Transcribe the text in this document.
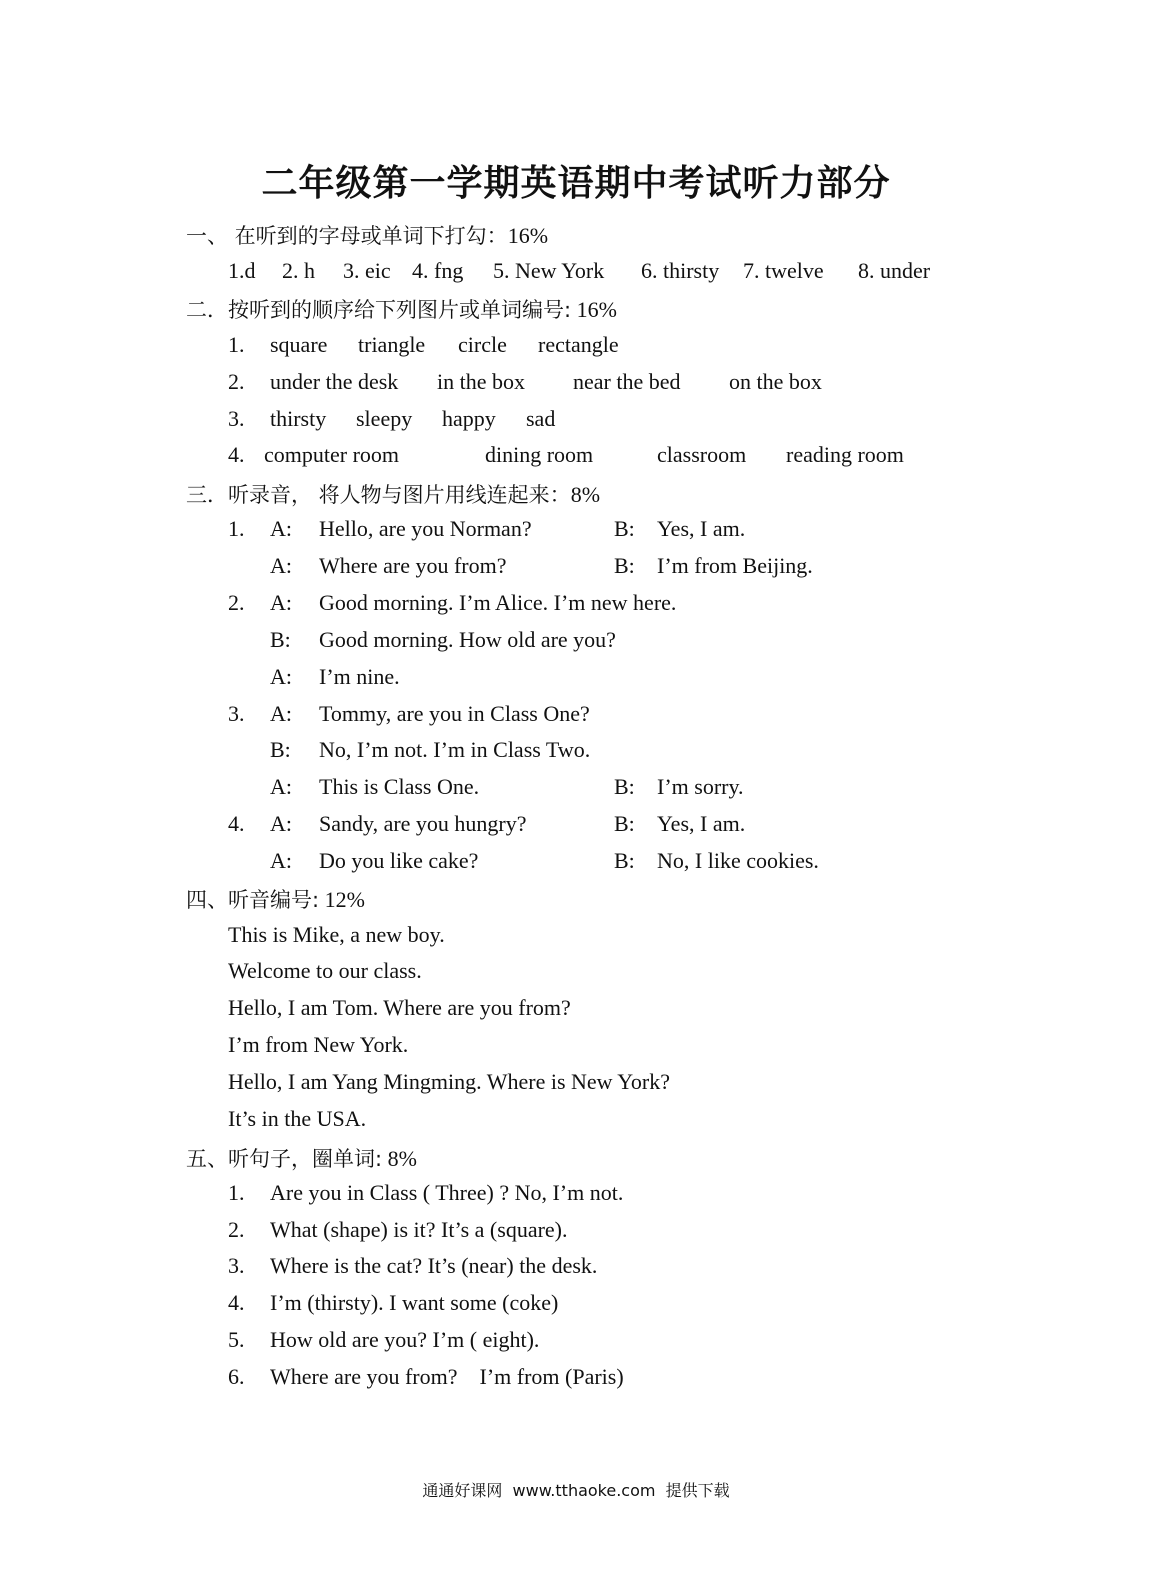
二年级第一学期英语期中考试听力部分
一、 在听到的字母或单词下打勾：16%
1.d 2. h 3. eic 4. fng 5. New York 6. thirsty 7. twelve 8. under
二．按听到的顺序给下列图片或单词编号: 16%
1. square triangle circle rectangle
2. under the desk in the box near the bed on the box
3. thirsty sleepy happy sad
4. computer room	dining room	classroom reading room
三．听录音， 将人物与图片用线连起来：8%
1. A: Hello, are you Norman?	B: Yes, I am.
A: Where are you from?	B: I’m from Beijing.
2. A: Good morning. I’m Alice. I’m new here.
B: Good morning. How old are you?
A: I’m nine.
3. A: Tommy, are you in Class One?
B: No, I’m not. I’m in Class Two.
A: This is Class One.	B: I’m sorry.
4. A: Sandy, are you hungry?	B: Yes, I am.
A: Do you like cake?	B: No, I like cookies.
四、听音编号: 12%
This is Mike, a new boy.
Welcome to our class.
Hello, I am Tom. Where are you from?
I’m from New York.
Hello, I am Yang Mingming. Where is New York?
It’s in the USA.
五、听句子，圈单词: 8%
1. Are you in Class ( Three) ? No, I’m not.
2. What (shape) is it? It’s a (square).
3. Where is the cat? It’s (near) the desk.
4. I’m (thirsty). I want some (coke)
5. How old are you? I’m ( eight).
6. Where are you from?    I’m from (Paris)
通通好课网  www.tthaoke.com  提供下载
